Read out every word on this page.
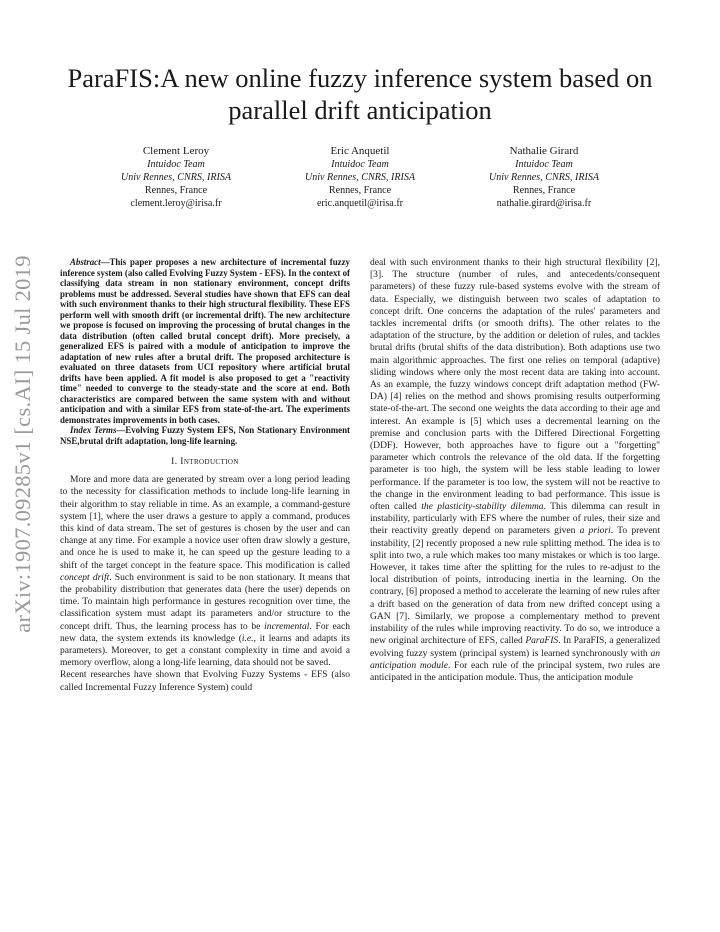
arXiv:1907.09285v1 [cs.AI] 15 Jul 2019
ParaFIS:A new online fuzzy inference system based on parallel drift anticipation
Clement Leroy
Intuidoc Team
Univ Rennes, CNRS, IRISA
Rennes, France
clement.leroy@irisa.fr
Eric Anquetil
Intuidoc Team
Univ Rennes, CNRS, IRISA
Rennes, France
eric.anquetil@irisa.fr
Nathalie Girard
Intuidoc Team
Univ Rennes, CNRS, IRISA
Rennes, France
nathalie.girard@irisa.fr

Abstract—This paper proposes a new architecture of incremental fuzzy inference system (also called Evolving Fuzzy System - EFS). In the context of classifying data stream in non stationary environment, concept drifts problems must be addressed. Several studies have shown that EFS can deal with such environment thanks to their high structural flexibility. These EFS perform well with smooth drift (or incremental drift). The new architecture we propose is focused on improving the processing of brutal changes in the data distribution (often called brutal concept drift). More precisely, a generalized EFS is paired with a module of anticipation to improve the adaptation of new rules after a brutal drift. The proposed architecture is evaluated on three datasets from UCI repository where artificial brutal drifts have been applied. A fit model is also proposed to get a "reactivity time" needed to converge to the steady-state and the score at end. Both characteristics are compared between the same system with and without anticipation and with a similar EFS from state-of-the-art. The experiments demonstrates improvements in both cases.

Index Terms—Evolving Fuzzy System EFS, Non Stationary Environment NSE,brutal drift adaptation, long-life learning.

I. Introduction

More and more data are generated by stream over a long period leading to the necessity for classification methods to include long-life learning in their algorithm to stay reliable in time. As an example, a command-gesture system [1], where the user draws a gesture to apply a command, produces this kind of data stream. The set of gestures is chosen by the user and can change at any time. For example a novice user often draw slowly a gesture, and once he is used to make it, he can speed up the gesture leading to a shift of the target concept in the feature space. This modification is called concept drift. Such environment is said to be non stationary. It means that the probability distribution that generates data (here the user) depends on time. To maintain high performance in gestures recognition over time, the classification system must adapt its parameters and/or structure to the concept drift. Thus, the learning process has to be incremental. For each new data, the system extends its knowledge (i.e., it learns and adapts its parameters). Moreover, to get a constant complexity in time and avoid a memory overflow, along a long-life learning, data should not be saved.

Recent researches have shown that Evolving Fuzzy Systems - EFS (also called Incremental Fuzzy Inference System) could

deal with such environment thanks to their high structural flexibility [2], [3]. The structure (number of rules, and antecedents/consequent parameters) of these fuzzy rule-based systems evolve with the stream of data. Especially, we distinguish between two scales of adaptation to concept drift. One concerns the adaptation of the rules' parameters and tackles incremental drifts (or smooth drifts). The other relates to the adaptation of the structure, by the addition or deletion of rules, and tackles brutal drifts (brutal shifts of the data distribution). Both adaptions use two main algorithmic approaches. The first one relies on temporal (adaptive) sliding windows where only the most recent data are taking into account. As an example, the fuzzy windows concept drift adaptation method (FW-DA) [4] relies on the method and shows promising results outperforming state-of-the-art. The second one weights the data according to their age and interest. An example is [5] which uses a decremental learning on the premise and conclusion parts with the Differed Directional Forgetting (DDF). However, both approaches have to figure out a "forgetting" parameter which controls the relevance of the old data. If the forgetting parameter is too high, the system will be less stable leading to lower performance. If the parameter is too low, the system will not be reactive to the change in the environment leading to bad performance. This issue is often called the plasticity-stability dilemma. This dilemma can result in instability, particularly with EFS where the number of rules, their size and their reactivity greatly depend on parameters given a priori. To prevent instability, [2] recently proposed a new rule splitting method. The idea is to split into two, a rule which makes too many mistakes or which is too large. However, it takes time after the splitting for the rules to re-adjust to the local distribution of points, introducing inertia in the learning. On the contrary, [6] proposed a method to accelerate the learning of new rules after a drift based on the generation of data from new drifted concept using a GAN [7]. Similarly, we propose a complementary method to prevent instability of the rules while improving reactivity. To do so, we introduce a new original architecture of EFS, called ParaFIS. In ParaFIS, a generalized evolving fuzzy system (principal system) is learned synchronously with an anticipation module. For each rule of the principal system, two rules are anticipated in the anticipation module. Thus, the anticipation module
